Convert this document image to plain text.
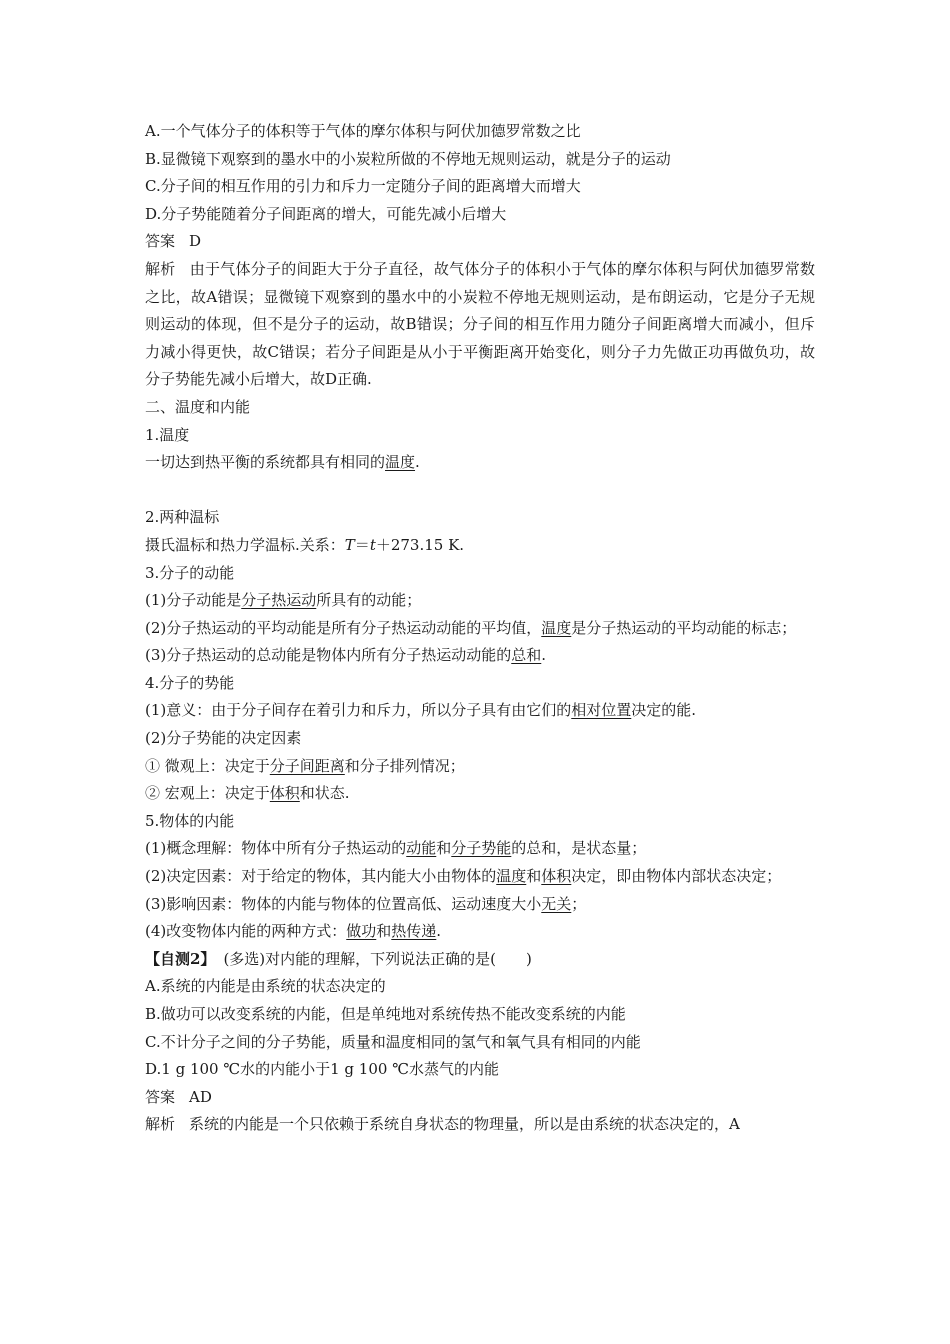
A.一个气体分子的体积等于气体的摩尔体积与阿伏加德罗常数之比
B.显微镜下观察到的墨水中的小炭粒所做的不停地无规则运动，就是分子的运动
C.分子间的相互作用的引力和斥力一定随分子间的距离增大而增大
D.分子势能随着分子间距离的增大，可能先减小后增大
答案 D
解析 由于气体分子的间距大于分子直径，故气体分子的体积小于气体的摩尔体积与阿伏加德罗常数之比，故A错误；显微镜下观察到的墨水中的小炭粒不停地无规则运动，是布朗运动，它是分子无规则运动的体现，但不是分子的运动，故B错误；分子间的相互作用力随分子间距离增大而减小，但斥力减小得更快，故C错误；若分子间距是从小于平衡距离开始变化，则分子力先做正功再做负功，故分子势能先减小后增大，故D正确.
二、温度和内能
1.温度
一切达到热平衡的系统都具有相同的温度.
2.两种温标
摄氏温标和热力学温标.关系：T＝t＋273.15 K.
3.分子的动能
(1)分子动能是分子热运动所具有的动能；
(2)分子热运动的平均动能是所有分子热运动动能的平均值，温度是分子热运动的平均动能的标志；
(3)分子热运动的总动能是物体内所有分子热运动动能的总和.
4.分子的势能
(1)意义：由于分子间存在着引力和斥力，所以分子具有由它们的相对位置决定的能.
(2)分子势能的决定因素
① 微观上：决定于分子间距离和分子排列情况；
② 宏观上：决定于体积和状态.
5.物体的内能
(1)概念理解：物体中所有分子热运动的动能和分子势能的总和，是状态量；
(2)决定因素：对于给定的物体，其内能大小由物体的温度和体积决定，即由物体内部状态决定；
(3)影响因素：物体的内能与物体的位置高低、运动速度大小无关；
(4)改变物体内能的两种方式：做功和热传递.
【自测2】 (多选)对内能的理解，下列说法正确的是(　　)
A.系统的内能是由系统的状态决定的
B.做功可以改变系统的内能，但是单纯地对系统传热不能改变系统的内能
C.不计分子之间的分子势能，质量和温度相同的氢气和氧气具有相同的内能
D.1 g 100 ℃水的内能小于1 g 100 ℃水蒸气的内能
答案 AD
解析 系统的内能是一个只依赖于系统自身状态的物理量，所以是由系统的状态决定的，A
